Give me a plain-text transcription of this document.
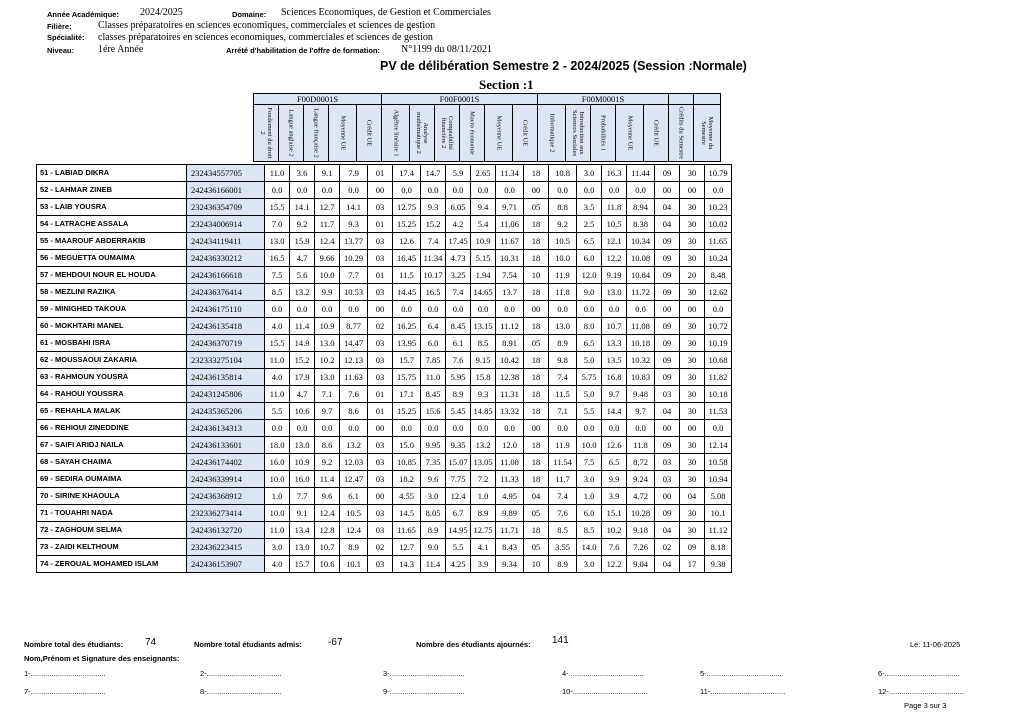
Année Académique: 2024/2025	Domaine: Sciences Economiques, de Gestion et Commerciales
Filière:	Classes préparatoires en sciences economiques, commerciales et sciences de gestion
Spécialité: classes préparatoires en sciences economiques, commerciales et sciences de gestion
Niveau: 1ére Année	Arrété d'habilitation de l'offre de formation: N°1199 du 08/11/2021
PV de délibération Semestre 2 - 2024/2025 (Session :Normale)
Section :1
F00D0001S					F00F0001S						F00M0001S						

Fondement du droit 2	Langue anglaise 2	Langue française 2	Moyenne UE	Crédit UE	Algèbre linéaire 1	Analyse mathématique 2	Comptabilité financière 2	Macro économie	Moyenne UE	Crédit UE	Informatique 2	Introduction aux Sciences Sociales	Probabilités 1	Moyenne UE	Crédit UE	Crédits du Semestre	Moyenne du Semestre
51 - LABIAD DIKRA	232434557705	11.0	3.6	9.1	7.9	01	17.4	14.7	5.9	2.65	11.34	18	10.8	3.0	16.3	11.44	09	30	10.79
52 - LAHMAR ZINEB	242436166001	0.0	0.0	0.0	0.0	00	0.0	0.0	0.0	0.0	0.0	00	0.0	0.0	0.0	0.0	00	00	0.0
53 - LAIB YOUSRA	232436354709	15.5	14.1	12.7	14.1	03	12.75	9.3	6.05	9.4	9.71	05	8.8	3.5	11.8	8.94	04	30	10.23
54 - LATRACHE ASSALA	232434006914	7.0	9.2	11.7	9.3	01	15.25	15.2	4.2	5.4	11.06	18	9.2	2.5	10.5	8.38	04	30	10.02
55 - MAAROUF ABDERRAKIB	242434119411	13.0	15.9	12.4	13.77	03	12.6	7.4	17.45	10.9	11.67	18	10.5	6.5	12.1	10.34	09	30	11.65
56 - MEGUETTA OUMAIMA	242436330212	16.5	4.7	9.66	10.29	03	16.45	11.34	4.73	5.15	10.31	18	10.0	6.0	12.2	10.08	09	30	10.24
57 - MEHDOUI NOUR EL HOUDA	242436166618	7.5	5.6	10.0	7.7	01	11.5	10.17	3.25	1.94	7.54	10	11.9	12.0	9.19	10.84	09	20	8.48
58 - MEZLINI RAZIKA	242436376414	8.5	13.2	9.9	10.53	03	14.45	16.5	7.4	14.65	13.7	18	11.8	9.0	13.0	11.72	09	30	12.62
59 - MINIGHED TAKOUA	242436175110	0.0	0.0	0.0	0.0	00	0.0	0.0	0.0	0.0	0.0	00	0.0	0.0	0.0	0.0	00	00	0.0
60 - MOKHTARI MANEL	242436135418	4.0	11.4	10.9	8.77	02	16.25	6.4	8.45	13.15	11.12	18	13.0	8.0	10.7	11.08	09	30	10.72
61 - MOSBAHI ISRA	242436370719	15.5	14.9	13.0	14.47	03	13.95	6.0	6.1	8.5	8.91	05	8.9	6.5	13.3	10.18	09	30	10.19
62 - MOUSSAOUI ZAKARIA	232333275104	11.0	15.2	10.2	12.13	03	15.7	7.85	7.6	9.15	10.42	18	9.8	5.0	13.5	10.32	09	30	10.68
63 - RAHMOUN YOUSRA	242436135814	4.0	17.9	13.0	11.63	03	15.75	11.0	5.95	15.8	12.38	18	7.4	5.75	16.8	10.83	09	30	11.82
64 - RAHOUI YOUSSRA	242431245806	11.0	4.7	7.1	7.6	01	17.1	8.45	8.9	9.3	11.31	18	11.5	5.0	9.7	9.48	03	30	10.18
65 - REHAHLA MALAK	242435365206	5.5	10.6	9.7	8.6	01	15.25	15.6	5.45	14.85	13.32	18	7.1	5.5	14.4	9.7	04	30	11.53
66 - REHIOUI ZINEDDINE	242436134313	0.0	0.0	0.0	0.0	00	0.0	0.0	0.0	0.0	0.0	00	0.0	0.0	0.0	0.0	00	00	0.0
67 - SAIFI ARIDJ NAILA	242436133601	18.0	13.0	8.6	13.2	03	15.0	9.95	9.35	13.2	12.0	18	11.9	10.0	12.6	11.8	09	30	12.14
68 - SAYAH CHAIMA	242436174402	16.0	10.9	9.2	12.03	03	10.85	7.35	15.07	13.05	11.08	18	11.54	7.5	6.5	8.72	03	30	10.58
69 - SEDIRA OUMAIMA	242436339914	10.0	16.0	11.4	12.47	03	18.2	9.6	7.75	7.2	11.33	18	11.7	3.0	9.9	9.24	03	30	10.94
70 - SIRINE KHAOULA	242436368912	1.0	7.7	9.6	6.1	00	4.55	3.0	12.4	1.0	4.95	04	7.4	1.0	3.9	4.72	00	04	5.08
71 - TOUAHRI NADA	232336273414	10.0	9.1	12.4	10.5	03	14.5	8.05	6.7	8.9	9.89	05	7.6	6.0	15.1	10.28	09	30	10.1
72 - ZAGHOUM SELMA	242436132720	11.0	13.4	12.8	12.4	03	11.65	8.9	14.95	12.75	11.71	18	8.5	8.5	10.2	9.18	04	30	11.12
73 - ZAIDI KELTHOUM	232436223415	3.0	13.0	10.7	8.9	02	12.7	9.0	5.5	4.1	8.43	05	3.55	14.0	7.6	7.26	02	09	8.18
74 - ZEROUAL MOHAMED ISLAM	242436153907	4.0	15.7	10.6	10.1	03	14.3	11.4	4.25	3.9	9.34	10	8.9	3.0	12.2	9.04	04	17	9.38
Nombre total des étudiants: 74	Nombre total étudiants admis:	-67	Nombre des étudiants ajournés: 141	Le: 11-06-2025
Nom,Prénom et Signature des enseignants:
1-....................................	2-....................................	3-....................................	4-....................................	5-....................................	6-....................................
7-....................................	8-....................................	9-....................................	10-....................................	11-....................................	12-....................................
Page 3 sur 3
